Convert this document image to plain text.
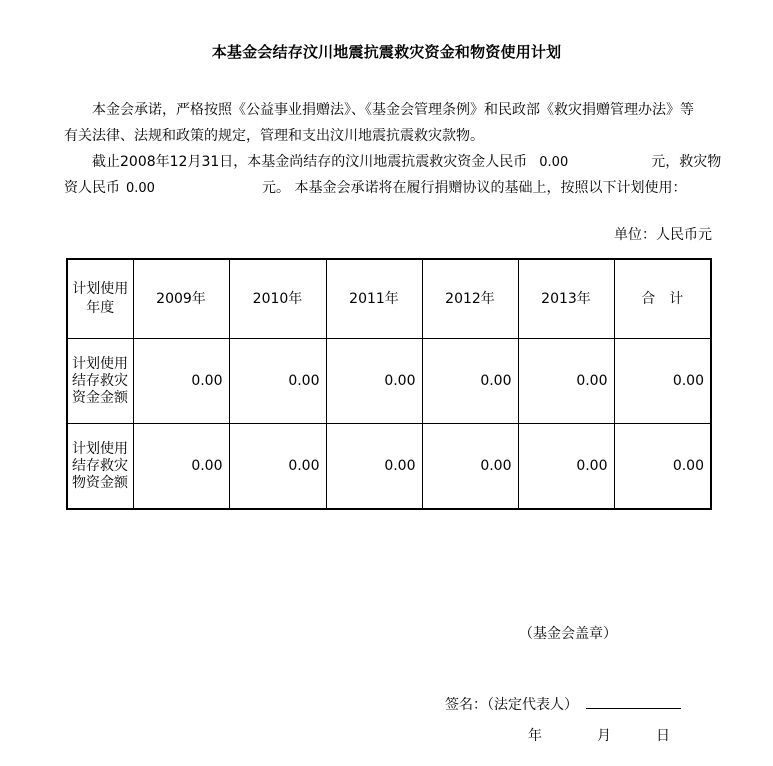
本基金会结存汶川地震抗震救灾资金和物资使用计划
本金会承诺，严格按照《公益事业捐赠法》、《基金会管理条例》和民政部《救灾捐赠管理办法》等
有关法律、法规和政策的规定，管理和支出汶川地震抗震救灾款物。
截止2008年12月31日，本基金尚结存的汶川地震抗震救灾资金人民币 0.00	元，救灾物
资人民币 0.00	元。 本基金会承诺将在履行捐赠协议的基础上，按照以下计划使用：
单位：人民币元
计划使用年度	2009年	2010年	2011年	2012年	2013年	合　计
计划使用结存救灾资金金额	0.00	0.00	0.00	0.00	0.00	0.00
计划使用结存救灾物资金额	0.00	0.00	0.00	0.00	0.00	0.00
（基金会盖章）
签名：（法定代表人）
年	月	日
